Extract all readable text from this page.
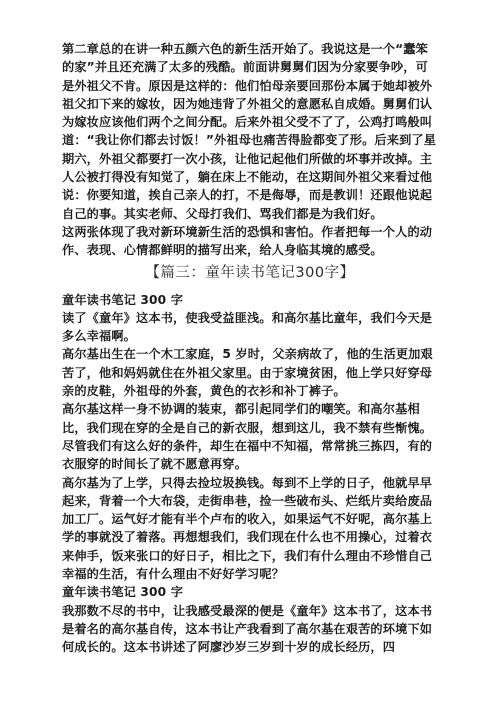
第二章总的在讲一种五颜六色的新生活开始了。我说这是一个“蠢笨的家”并且还充满了太多的残酷。前面讲舅舅们因为分家要争吵，可是外祖父不肯。原因是这样的：他们怕母亲要回那份本属于她却被外祖父扣下来的嫁妆，因为她违背了外祖父的意愿私自成婚。舅舅们认为嫁妆应该他们两个之间分配。后来外祖父受不了了，公鸡打鸣般叫道：“我让你们都去讨饭！”外祖母也痛苦得脸都变了形。后来到了星期六，外祖父都要打一次小孩，让他记起他们所做的坏事并改掉。主人公被打得没有知觉了，躺在床上不能动，在这期间外祖父来看过他说：你要知道，挨自己亲人的打，不是侮辱，而是教训！还跟他说起自己的事。其实老师、父母打我们、骂我们都是为我们好。

这两张体现了我对新环境新生活的恐惧和害怕。作者把每一个人的动作、表现、心情都鲜明的描写出来，给人身临其境的感受。

【篇三：童年读书笔记300字】

童年读书笔记 300 字

读了《童年》这本书，使我受益匪浅。和高尔基比童年，我们今天是多么幸福啊。

高尔基出生在一个木工家庭，5 岁时，父亲病故了，他的生活更加艰苦了，他和妈妈就住在外祖父家里。由于家境贫困，他上学只好穿母亲的皮鞋，外祖母的外套，黄色的衣衫和补丁裤子。

高尔基这样一身不协调的装束，都引起同学们的嘲笑。和高尔基相比，我们现在穿的全是自己的新衣服，想到这儿，我不禁有些惭愧。尽管我们有这么好的条件，却生在福中不知福，常常挑三拣四，有的衣服穿的时间长了就不愿意再穿。

高尔基为了上学，只得去捡垃圾换钱。每到不上学的日子，他就早早起来，背着一个大布袋，走街串巷，捡一些破布头、烂纸片卖给废品加工厂。运气好才能有半个卢布的收入，如果运气不好呢，高尔基上学的事就没了着落。再想想我们，我们现在什么也不用操心，过着衣来伸手，饭来张口的好日子，相比之下，我们有什么理由不珍惜自己幸福的生活，有什么理由不好好学习呢？

童年读书笔记 300 字

我那数不尽的书中，让我感受最深的便是《童年》这本书了，这本书是着名的高尔基自传，这本书让产我看到了高尔基在艰苦的环境下如何成长的。这本书讲述了阿廖沙岁三岁到十岁的成长经历，四
